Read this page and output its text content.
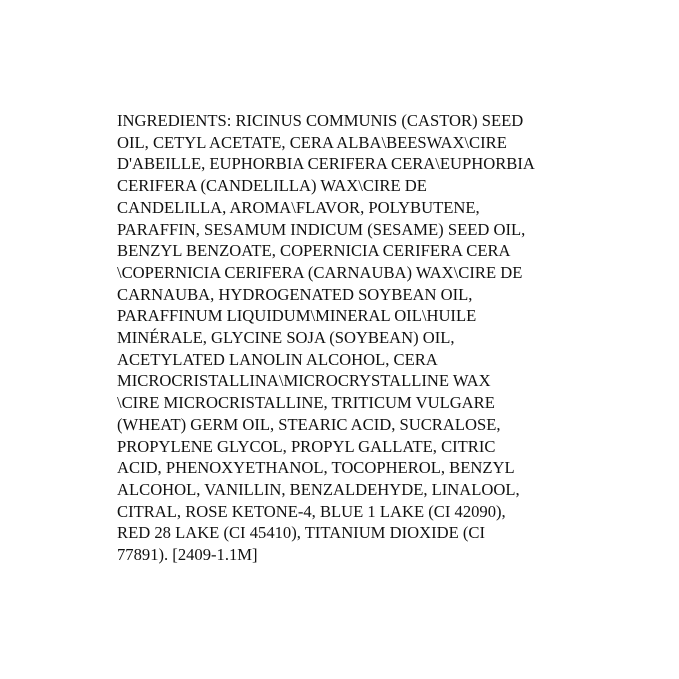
INGREDIENTS: RICINUS COMMUNIS (CASTOR) SEED
OIL, CETYL ACETATE, CERA ALBA\BEESWAX\CIRE
D'ABEILLE, EUPHORBIA CERIFERA CERA\EUPHORBIA
CERIFERA (CANDELILLA) WAX\CIRE DE
CANDELILLA, AROMA\FLAVOR, POLYBUTENE,
PARAFFIN, SESAMUM INDICUM (SESAME) SEED OIL,
BENZYL BENZOATE, COPERNICIA CERIFERA CERA
\COPERNICIA CERIFERA (CARNAUBA) WAX\CIRE DE
CARNAUBA, HYDROGENATED SOYBEAN OIL,
PARAFFINUM LIQUIDUM\MINERAL OIL\HUILE
MINÉRALE, GLYCINE SOJA (SOYBEAN) OIL,
ACETYLATED LANOLIN ALCOHOL, CERA
MICROCRISTALLINA\MICROCRYSTALLINE WAX
\CIRE MICROCRISTALLINE, TRITICUM VULGARE
(WHEAT) GERM OIL, STEARIC ACID, SUCRALOSE,
PROPYLENE GLYCOL, PROPYL GALLATE, CITRIC
ACID, PHENOXYETHANOL, TOCOPHEROL, BENZYL
ALCOHOL, VANILLIN, BENZALDEHYDE, LINALOOL,
CITRAL, ROSE KETONE-4, BLUE 1 LAKE (CI 42090),
RED 28 LAKE (CI 45410), TITANIUM DIOXIDE (CI
77891). [2409-1.1M]
